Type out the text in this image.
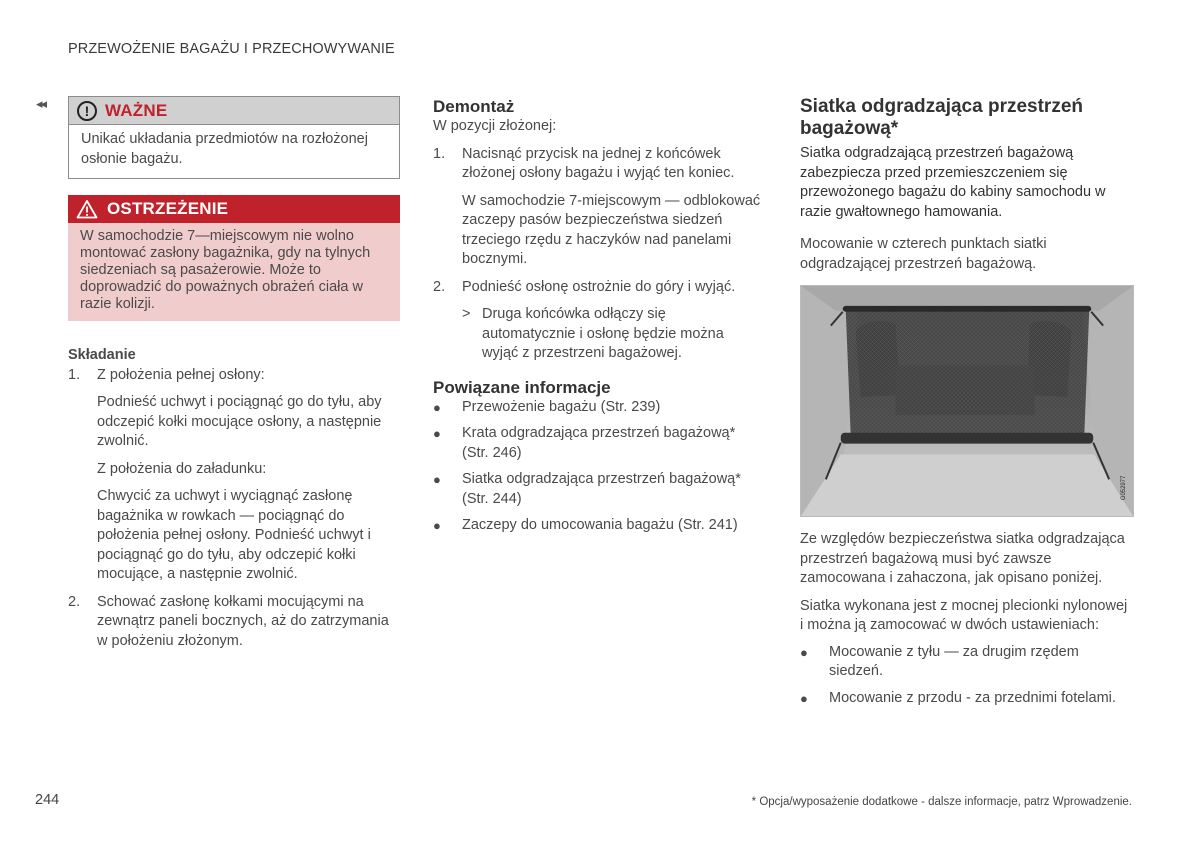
PRZEWOŻENIE BAGAŻU I PRZECHOWYWANIE
◂◂	! WAŻNE
Unikać układania przedmiotów na rozłożonej osłonie bagażu.
OSTRZEŻENIE
W samochodzie 7—miejscowym nie wolno montować zasłony bagażnika, gdy na tylnych siedzeniach są pasażerowie. Może to doprowadzić do poważnych obrażeń ciała w razie kolizji.
Składanie
1.	Z położenia pełnej osłony:

Podnieść uchwyt i pociągnąć go do tyłu, aby odczepić kołki mocujące osłony, a następnie zwolnić.

Z położenia do załadunku:

Chwycić za uchwyt i wyciągnąć zasłonę bagażnika w rowkach — pociągnąć do położenia pełnej osłony. Podnieść uchwyt i pociągnąć go do tyłu, aby odczepić kołki mocujące, a następnie zwolnić.

2.	Schować zasłonę kołkami mocującymi na zewnątrz paneli bocznych, aż do zatrzymania w położeniu złożonym.
Demontaż

W pozycji złożonej:

1.	Nacisnąć przycisk na jednej z końcówek złożonej osłony bagażu i wyjąć ten koniec.

W samochodzie 7-miejscowym — odblokować zaczepy pasów bezpieczeństwa siedzeń trzeciego rzędu z haczyków nad panelami bocznymi.

2.	Podnieść osłonę ostrożnie do góry i wyjąć.
> Druga końcówka odłączy się automatycznie i osłonę będzie można wyjąć z przestrzeni bagażowej.
Powiązane informacje
●	Przewożenie bagażu (Str. 239)
●	Krata odgradzająca przestrzeń bagażową* (Str. 246)
●	Siatka odgradzająca przestrzeń bagażową* (Str. 244)
●	Zaczepy do umocowania bagażu (Str. 241)
Siatka odgradzająca przestrzeń bagażową*

Siatka odgradzającą przestrzeń bagażową zabezpiecza przed przemieszczeniem się przewożonego bagażu do kabiny samochodu w razie gwałtownego hamowania.

Mocowanie w czterech punktach siatki odgradzającej przestrzeń bagażową.

G052977

Ze względów bezpieczeństwa siatka odgradzająca przestrzeń bagażową musi być zawsze zamocowana i zahaczona, jak opisano poniżej.

Siatka wykonana jest z mocnej plecionki nylonowej i można ją zamocować w dwóch ustawieniach:

●	Mocowanie z tyłu — za drugim rzędem siedzeń.
●	Mocowanie z przodu - za przednimi fotelami.
244	* Opcja/wyposażenie dodatkowe - dalsze informacje, patrz Wprowadzenie.
